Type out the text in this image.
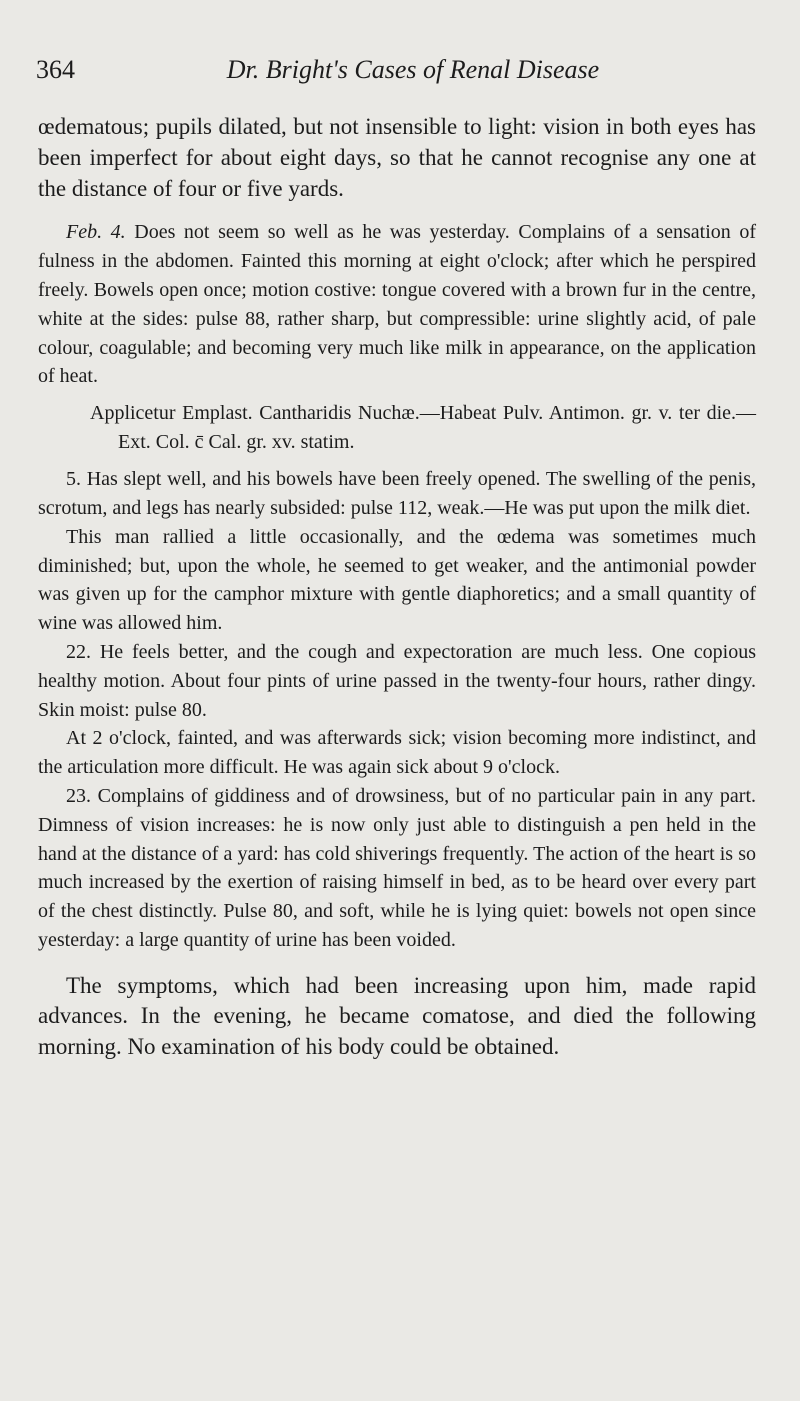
364	Dr. Bright's Cases of Renal Disease

œdematous; pupils dilated, but not insensible to light: vision in both eyes has been imperfect for about eight days, so that he cannot recognise any one at the distance of four or five yards.

Feb. 4. Does not seem so well as he was yesterday. Complains of a sensation of fulness in the abdomen. Fainted this morning at eight o'clock; after which he perspired freely. Bowels open once; motion costive: tongue covered with a brown fur in the centre, white at the sides: pulse 88, rather sharp, but compressible: urine slightly acid, of pale colour, coagulable; and becoming very much like milk in appearance, on the application of heat.

Applicetur Emplast. Cantharidis Nuchæ.—Habeat Pulv. Antimon. gr. v. ter die.—Ext. Col. c̄ Cal. gr. xv. statim.

5. Has slept well, and his bowels have been freely opened. The swelling of the penis, scrotum, and legs has nearly subsided: pulse 112, weak.—He was put upon the milk diet.

This man rallied a little occasionally, and the œdema was sometimes much diminished; but, upon the whole, he seemed to get weaker, and the antimonial powder was given up for the camphor mixture with gentle diaphoretics; and a small quantity of wine was allowed him.

22. He feels better, and the cough and expectoration are much less. One copious healthy motion. About four pints of urine passed in the twenty-four hours, rather dingy. Skin moist: pulse 80.

At 2 o'clock, fainted, and was afterwards sick; vision becoming more indistinct, and the articulation more difficult. He was again sick about 9 o'clock.

23. Complains of giddiness and of drowsiness, but of no particular pain in any part. Dimness of vision increases: he is now only just able to distinguish a pen held in the hand at the distance of a yard: has cold shiverings frequently. The action of the heart is so much increased by the exertion of raising himself in bed, as to be heard over every part of the chest distinctly. Pulse 80, and soft, while he is lying quiet: bowels not open since yesterday: a large quantity of urine has been voided.

The symptoms, which had been increasing upon him, made rapid advances. In the evening, he became comatose, and died the following morning. No examination of his body could be obtained.
